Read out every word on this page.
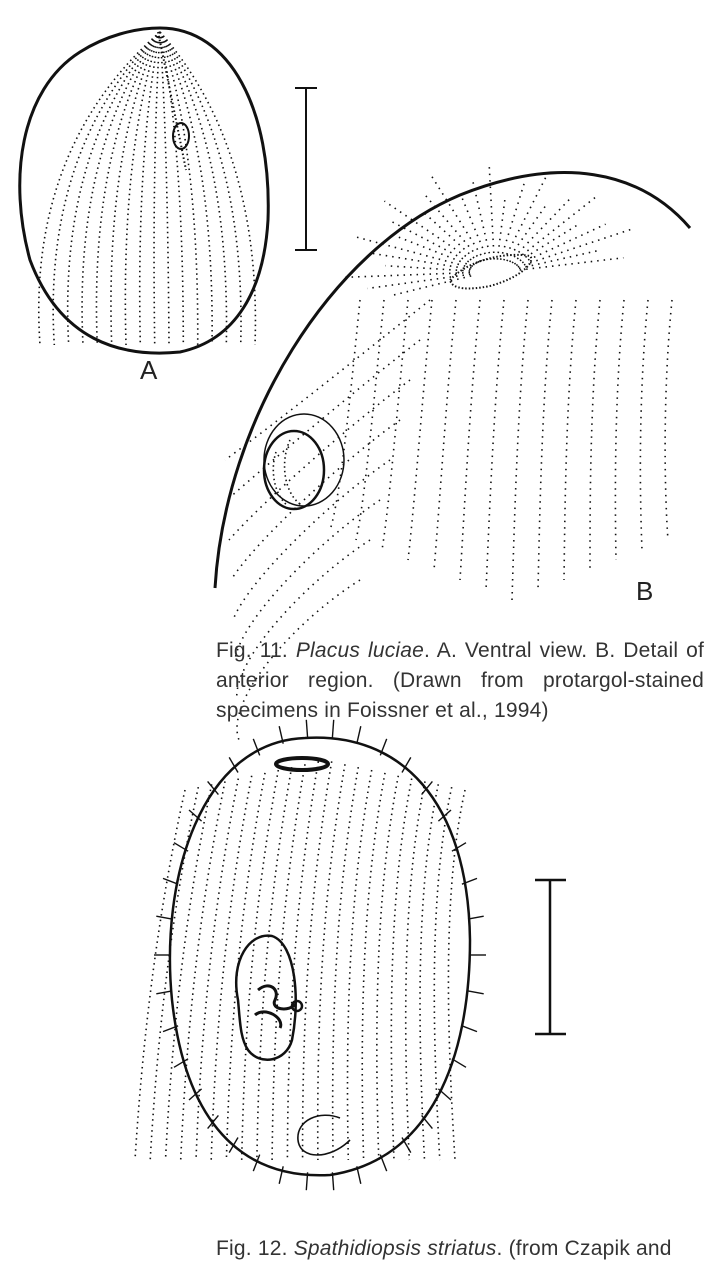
A
B

Fig. 11. Placus luciae. A. Ventral view. B. Detail of anterior region. (Drawn from protargol-stained specimens in Foissner et al., 1994)

Fig. 12. Spathidiopsis striatus. (from Czapik and
